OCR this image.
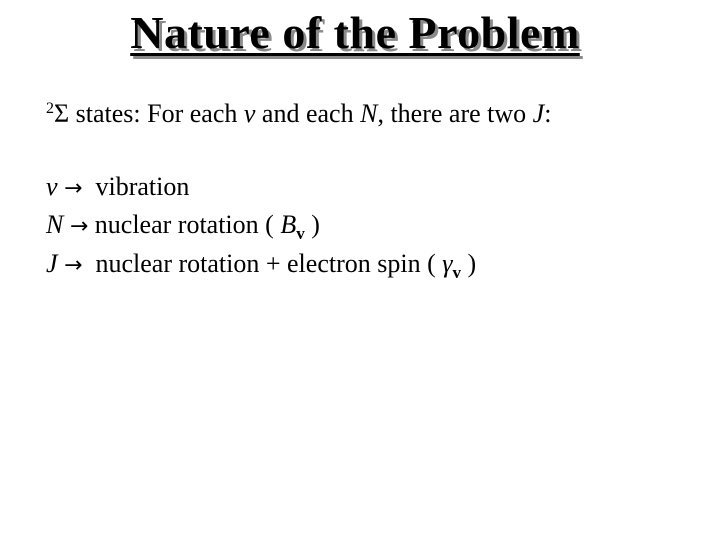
Nature of the Problem
$^2$Σ states: For each v and each N, there are two J:
v → vibration
N → nuclear rotation ( $B_v$ )
J → nuclear rotation + electron spin ( $\gamma_v$ )
